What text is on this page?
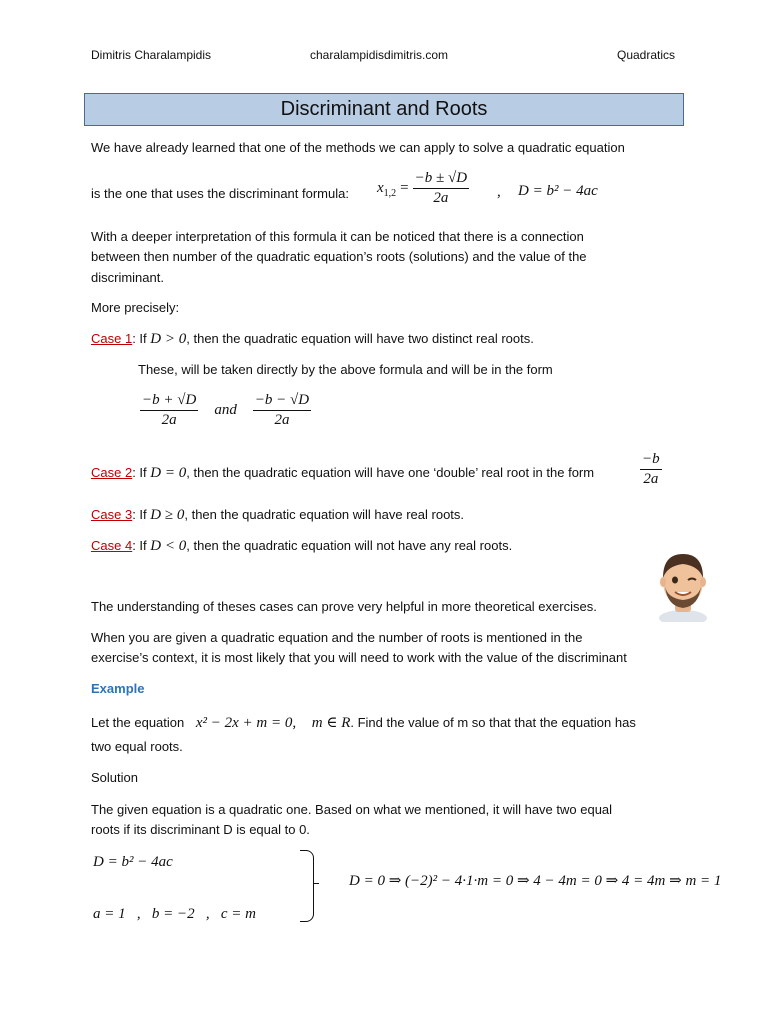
Dimitris Charalampidis	charalampidisdimitris.com	Quadratics
Discriminant and Roots
We have already learned that one of the methods we can apply to solve a quadratic equation
is the one that uses the discriminant formula: x $1,2 = \frac{-b \pm √D}{2a}$ , D = b² − 4ac
With a deeper interpretation of this formula it can be noticed that there is a connection
between then number of the quadratic equation’s roots (solutions) and the value of the
discriminant.
More precisely:
Case 1: If D > 0, then the quadratic equation will have two distinct real roots.
These, will be taken directly by the above formula and will be in the form
$\frac{-b + √D}{2a}$ and $\frac{-b - √D}{2a}$
Case 2: If D = 0, then the quadratic equation will have one ‘double’ real root in the form	$\frac{-b}{2a}$
Case 3: If D ≥ 0, then the quadratic equation will have real roots.
Case 4: If D < 0, then the quadratic equation will not have any real roots.
The understanding of theses cases can prove very helpful in more theoretical exercises.
When you are given a quadratic equation and the number of roots is mentioned in the
exercise’s context, it is most likely that you will need to work with the value of the discriminant
Example
Let the equation x² − 2x + m = 0, m ∈ R. Find the value of m so that that the equation has
two equal roots.
Solution
The given equation is a quadratic one. Based on what we mentioned, it will have two equal
roots if its discriminant D is equal to 0.
D = b² − 4ac
a = 1   ,   b = −2   ,   c = m
D = 0 ⇒ (−2)² − 4·1·m = 0 ⇒ 4 − 4m = 0 ⇒ 4 = 4m ⇒ m = 1
